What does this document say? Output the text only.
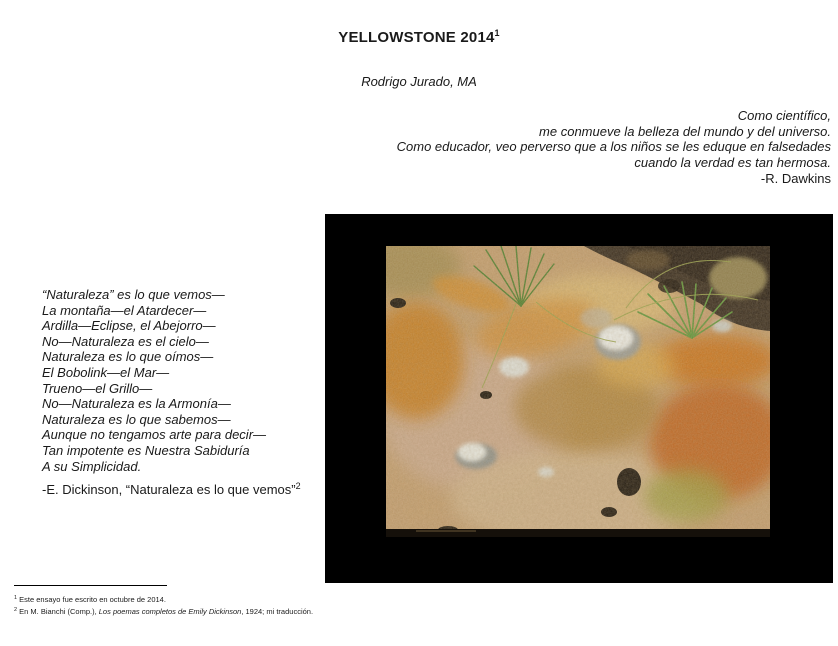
YELLOWSTONE 2014$^1$
Rodrigo Jurado, MA
Como científico,
me conmueve la belleza del mundo y del universo.
Como educador, veo perverso que a los niños se les eduque en falsedades
cuando la verdad es tan hermosa.
-R. Dawkins
“Naturaleza” es lo que vemos—
La montaña—el Atardecer—
Ardilla—Eclipse, el Abejorro—
No—Naturaleza es el cielo—
Naturaleza es lo que oímos—
El Bobolink—el Mar—
Trueno—el Grillo—
No—Naturaleza es la Armonía—
Naturaleza es lo que sabemos—
Aunque no tengamos arte para decir—
Tan impotente es Nuestra Sabiduría
A su Simplicidad.
-E. Dickinson, “Naturaleza es lo que vemos”$^2$
$^1$ Este ensayo fue escrito en octubre de 2014.
$^2$ En M. Bianchi (Comp.), Los poemas completos de Emily Dickinson, 1924; mi traducción.
